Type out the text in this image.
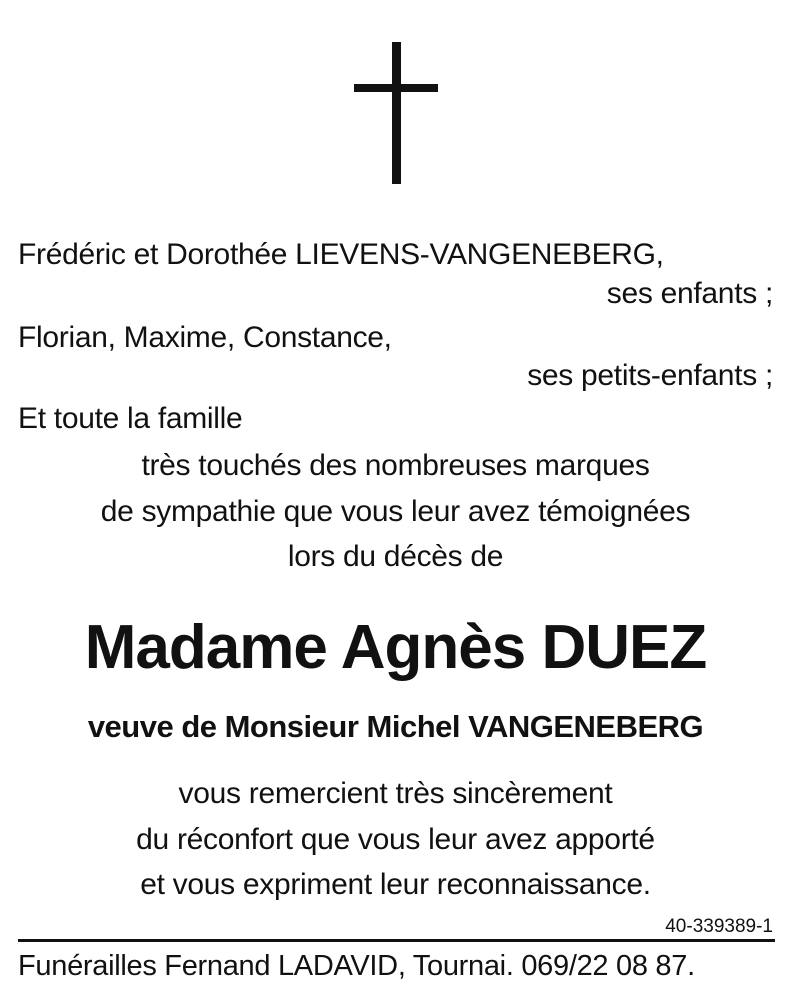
Frédéric et Dorothée LIEVENS-VANGENEBERG,
ses enfants ;
Florian, Maxime, Constance,
ses petits-enfants ;
Et toute la famille
très touchés des nombreuses marques
de sympathie que vous leur avez témoignées
lors du décès de
Madame Agnès DUEZ
veuve de Monsieur Michel VANGENEBERG
vous remercient très sincèrement
du réconfort que vous leur avez apporté
et vous expriment leur reconnaissance.
40-339389-1
Funérailles Fernand LADAVID, Tournai. 069/22 08 87.
